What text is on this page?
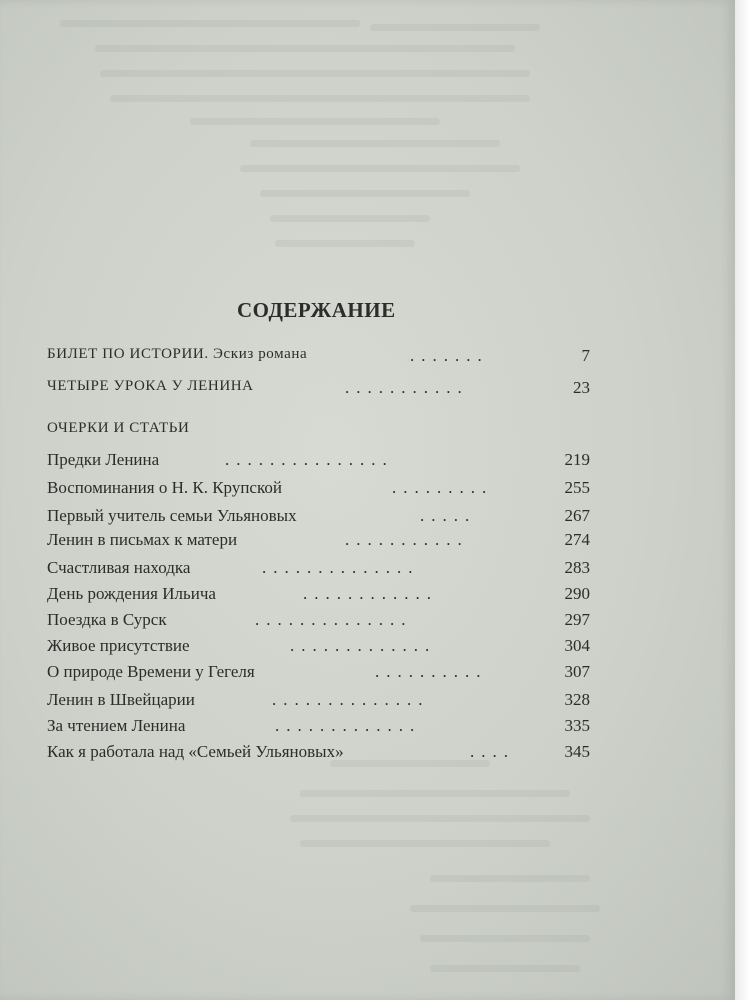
СОДЕРЖАНИЕ
БИЛЕТ ПО ИСТОРИИ. Эскиз романа	.......	7
ЧЕТЫРЕ УРОКА У ЛЕНИНА	...........	23
ОЧЕРКИ И СТАТЬИ
Предки Ленина	...............	219
Воспоминания о Н. К. Крупской	.........	255
Первый учитель семьи Ульяновых	.....	267
Ленин в письмах к матери	...........	274
Счастливая находка	..............	283
День рождения Ильича	............	290
Поездка в Сурск	..............	297
Живое присутствие	.............	304
О природе Времени у Гегеля	..........	307
Ленин в Швейцарии	..............	328
За чтением Ленина	.............	335
Как я работала над «Семьей Ульяновых»	....	345
